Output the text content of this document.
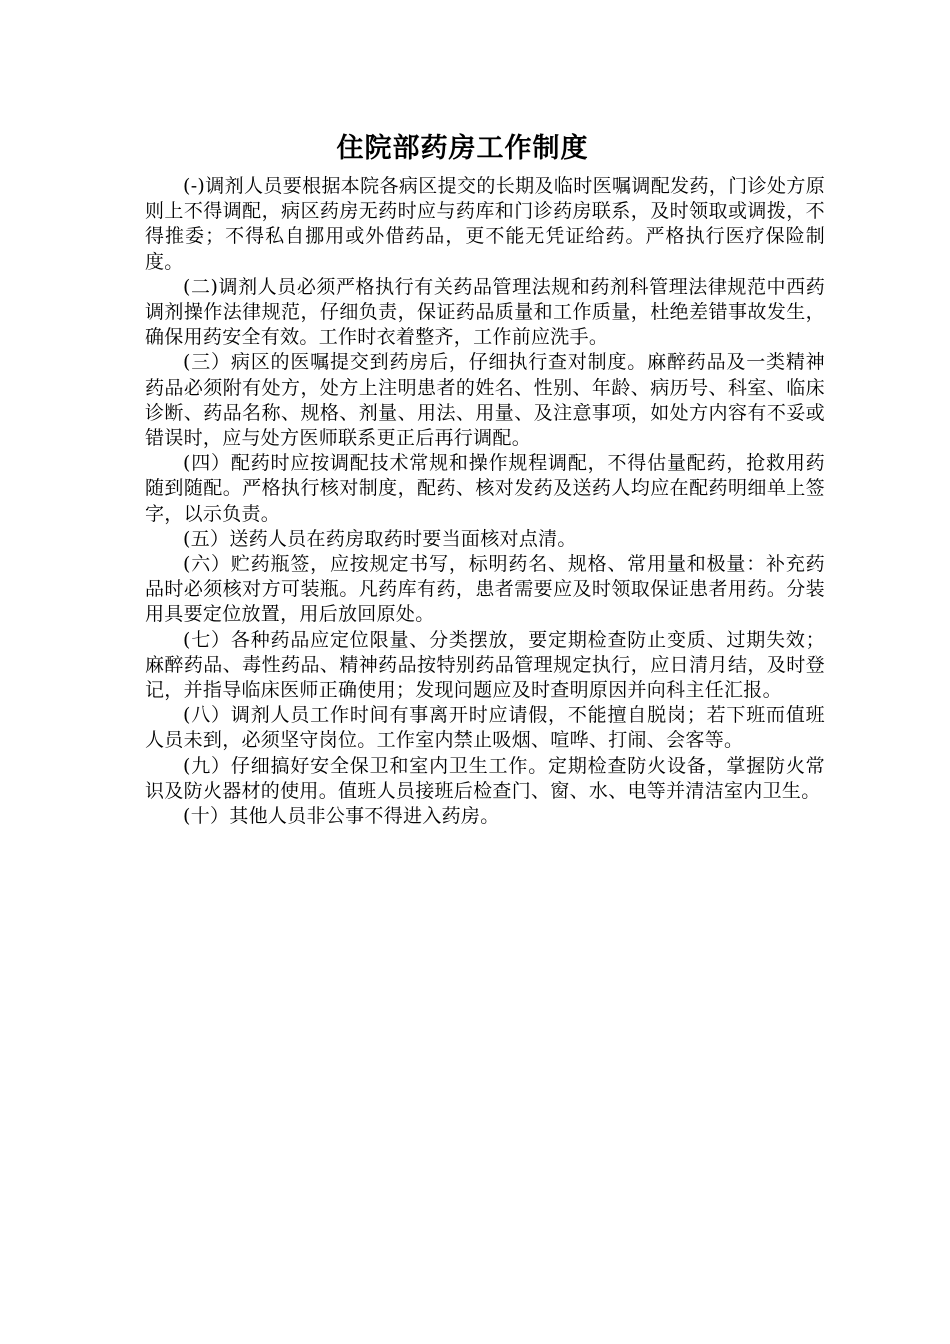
住院部药房工作制度

(-)调剂人员要根据本院各病区提交的长期及临时医嘱调配发药，门诊处方原则上不得调配，病区药房无药时应与药库和门诊药房联系，及时领取或调拨，不得推委；不得私自挪用或外借药品，更不能无凭证给药。严格执行医疗保险制度。

(二)调剂人员必须严格执行有关药品管理法规和药剂科管理法律规范中西药调剂操作法律规范，仔细负责，保证药品质量和工作质量，杜绝差错事故发生，确保用药安全有效。工作时衣着整齐，工作前应洗手。

(三）病区的医嘱提交到药房后，仔细执行查对制度。麻醉药品及一类精神药品必须附有处方，处方上注明患者的姓名、性别、年龄、病历号、科室、临床诊断、药品名称、规格、剂量、用法、用量、及注意事项，如处方内容有不妥或错误时，应与处方医师联系更正后再行调配。

(四）配药时应按调配技术常规和操作规程调配，不得估量配药，抢救用药随到随配。严格执行核对制度，配药、核对发药及送药人均应在配药明细单上签字，以示负责。

(五）送药人员在药房取药时要当面核对点清。

(六）贮药瓶签，应按规定书写，标明药名、规格、常用量和极量：补充药品时必须核对方可装瓶。凡药库有药，患者需要应及时领取保证患者用药。分装用具要定位放置，用后放回原处。

(七）各种药品应定位限量、分类摆放，要定期检查防止变质、过期失效；麻醉药品、毒性药品、精神药品按特别药品管理规定执行，应日清月结，及时登记，并指导临床医师正确使用；发现问题应及时查明原因并向科主任汇报。

(八）调剂人员工作时间有事离开时应请假，不能擅自脱岗；若下班而值班人员未到，必须坚守岗位。工作室内禁止吸烟、喧哗、打闹、会客等。

(九）仔细搞好安全保卫和室内卫生工作。定期检查防火设备，掌握防火常识及防火器材的使用。值班人员接班后检查门、窗、水、电等并清洁室内卫生。

(十）其他人员非公事不得进入药房。
